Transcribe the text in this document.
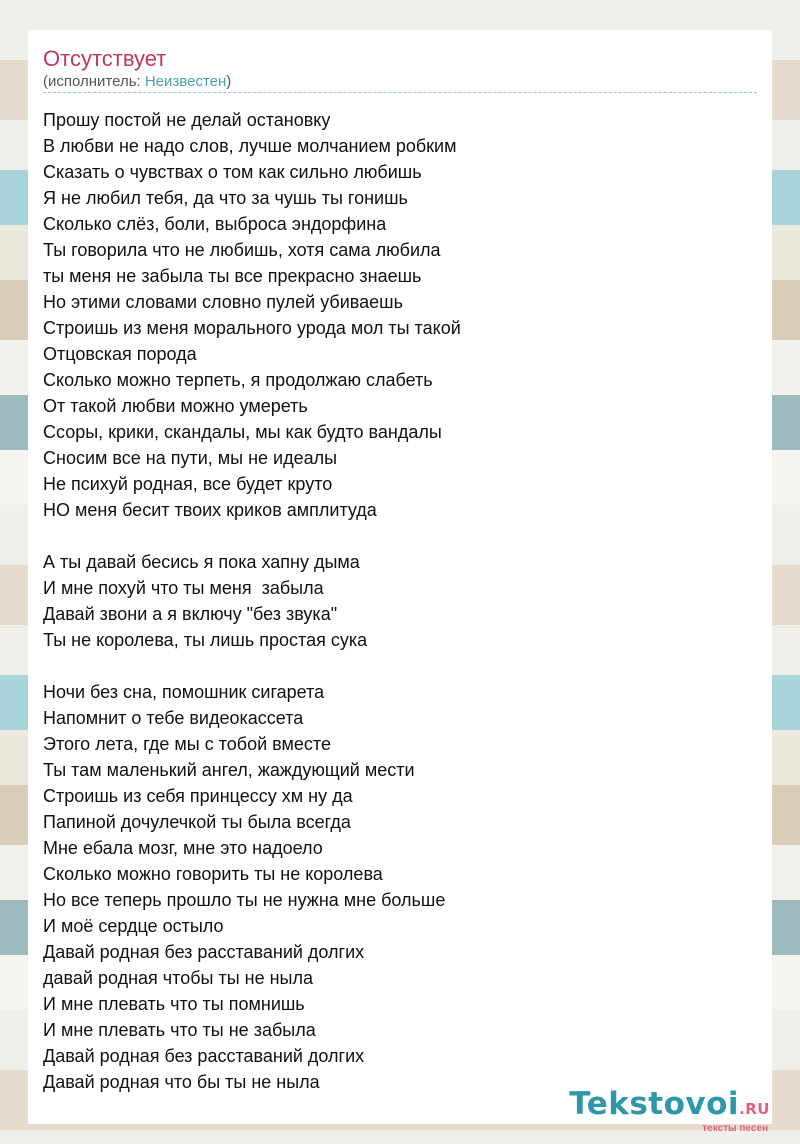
Отсутствует
(исполнитель: Неизвестен)
Прошу постой не делай остановку
В любви не надо слов, лучше молчанием робким
Сказать о чувствах о том как сильно любишь
Я не любил тебя, да что за чушь ты гонишь
Сколько слёз, боли, выброса эндорфина
Ты говорила что не любишь, хотя сама любила
ты меня не забыла ты все прекрасно знаешь
Но этими словами словно пулей убиваешь
Строишь из меня морального урода мол ты такой
Отцовская порода
Сколько можно терпеть, я продолжаю слабеть
От такой любви можно умереть
Ссоры, крики, скандалы, мы как будто вандалы
Сносим все на пути, мы не идеалы
Не психуй родная, все будет круто
НО меня бесит твоих криков амплитуда
А ты давай бесись я пока хапну дыма
И мне похуй что ты меня  забыла
Давай звони а я включу "без звука"
Ты не королева, ты лишь простая сука
Ночи без сна, помошник сигарета
Напомнит о тебе видеокассета
Этого лета, где мы с тобой вместе
Ты там маленький ангел, жаждующий мести
Строишь из себя принцессу хм ну да
Папиной дочулечкой ты была всегда
Мне ебала мозг, мне это надоело
Сколько можно говорить ты не королева
Но все теперь прошло ты не нужна мне больше
И моё сердце остыло
Давай родная без расставаний долгих
давай родная чтобы ты не ныла
И мне плевать что ты помнишь
И мне плевать что ты не забыла
Давай родная без расставаний долгих
Давай родная что бы ты не ныла
Tekstovoi.RU
тексты песен
